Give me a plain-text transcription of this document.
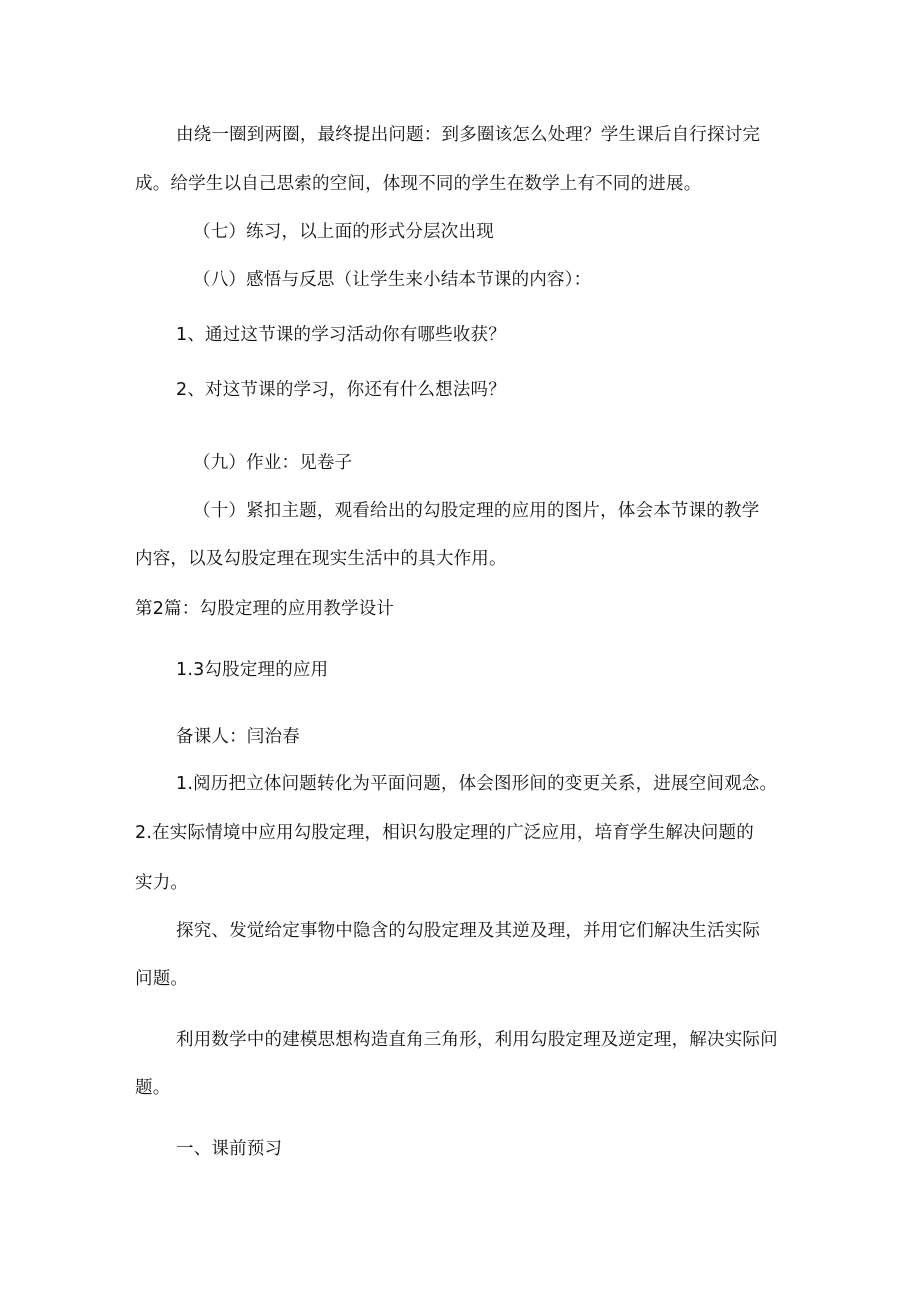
由绕一圈到两圈，最终提出问题：到多圈该怎么处理？学生课后自行探讨完
成。给学生以自己思索的空间，体现不同的学生在数学上有不同的进展。
（七）练习，以上面的形式分层次出现
（八）感悟与反思（让学生来小结本节课的内容）：
1、通过这节课的学习活动你有哪些收获？
2、对这节课的学习，你还有什么想法吗？
（九）作业：见卷子
（十）紧扣主题，观看给出的勾股定理的应用的图片，体会本节课的教学
内容，以及勾股定理在现实生活中的具大作用。
第2篇：勾股定理的应用教学设计
1.3勾股定理的应用
备课人：闫治春
1.阅历把立体问题转化为平面问题，体会图形间的变更关系，进展空间观念。
2.在实际情境中应用勾股定理，相识勾股定理的广泛应用，培育学生解决问题的
实力。
探究、发觉给定事物中隐含的勾股定理及其逆及理，并用它们解决生活实际
问题。
利用数学中的建模思想构造直角三角形，利用勾股定理及逆定理，解决实际问
题。
一、课前预习
